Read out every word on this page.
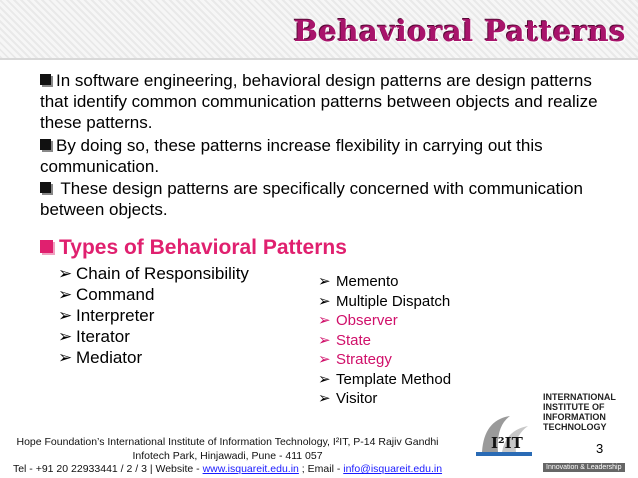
Behavioral Patterns

In software engineering, behavioral design patterns are design patterns that identify common communication patterns between objects and realize these patterns.

By doing so, these patterns increase flexibility in carrying out this communication.

These design patterns are specifically concerned with communication between objects.

Types of Behavioral Patterns
➢ Chain of Responsibility
➢ Command
➢ Interpreter
➢ Iterator
➢ Mediator
➢ Memento
➢ Multiple Dispatch
➢ Observer
➢ State
➢ Strategy
➢ Template Method
➢ Visitor
Hope Foundation’s International Institute of Information Technology, I²IT, P-14 Rajiv Gandhi
Infotech Park, Hinjawadi, Pune - 411 057
Tel - +91 20 22933441 / 2 / 3 | Website - www.isquareit.edu.in ; Email - info@isquareit.edu.in
3
I²IT
INTERNATIONAL
INSTITUTE OF
INFORMATION
TECHNOLOGY
Innovation & Leadership
